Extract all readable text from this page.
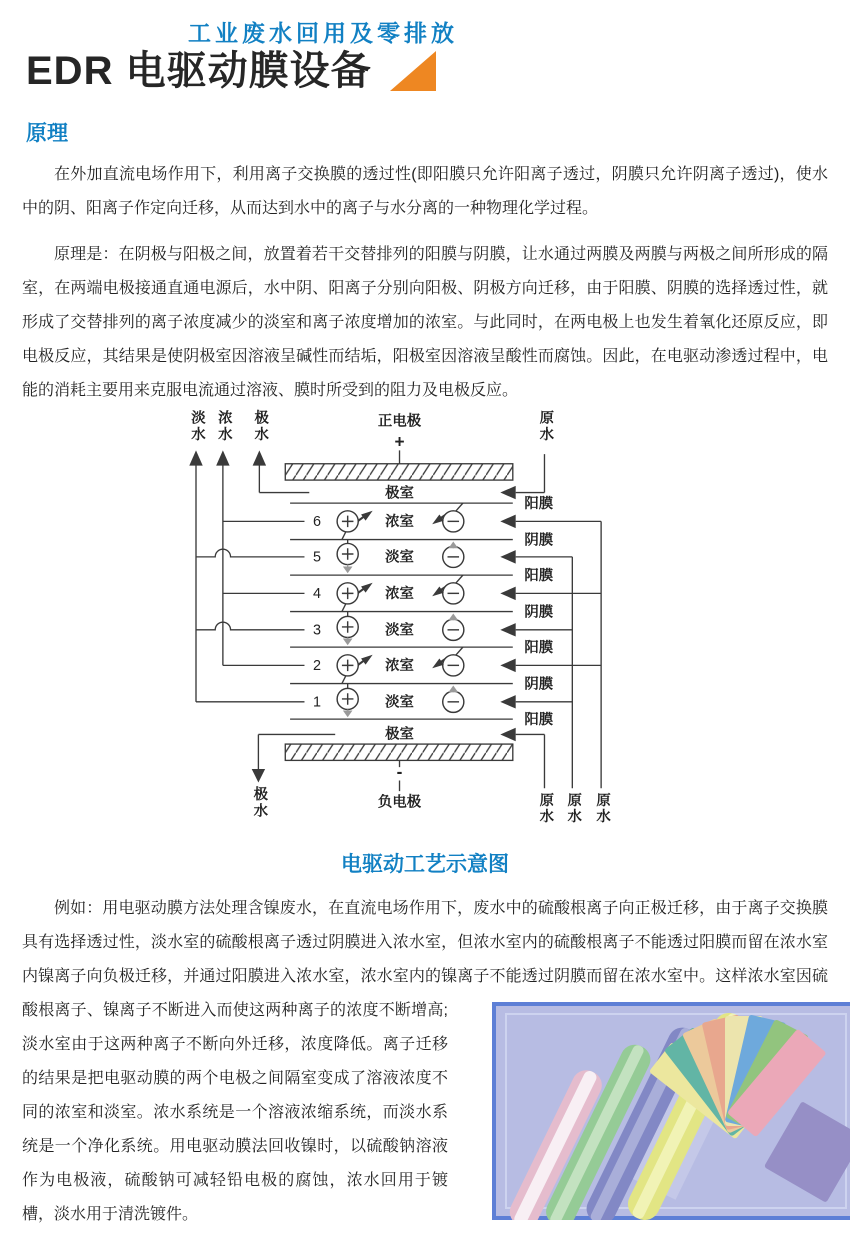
工业废水回用及零排放
EDR 电驱动膜设备
原理

在外加直流电场作用下，利用离子交换膜的透过性(即阳膜只允许阳离子透过，阴膜只允许阴离子透过)，使水中的阴、阳离子作定向迁移，从而达到水中的离子与水分离的一种物理化学过程。

原理是：在阴极与阳极之间，放置着若干交替排列的阳膜与阴膜，让水通过两膜及两膜与两极之间所形成的隔室，在两端电极接通直通电源后，水中阴、阳离子分别向阳极、阴极方向迁移，由于阳膜、阴膜的选择透过性，就形成了交替排列的离子浓度减少的淡室和离子浓度增加的浓室。与此同时，在两电极上也发生着氧化还原反应，即电极反应，其结果是使阴极室因溶液呈碱性而结垢，阳极室因溶液呈酸性而腐蚀。因此，在电驱动渗透过程中，电能的消耗主要用来克服电流通过溶液、膜时所受到的阻力及电极反应。

正电极
+
极室
阳膜
阴膜
阳膜
阴膜
阳膜
阴膜
阳膜
6
5
4
3
2
1
浓室
淡室
浓室
淡室
浓室
淡室
极室
-
负电极
淡水 浓水 极水	原水
极水	原水 原水 原水
电驱动工艺示意图

例如：用电驱动膜方法处理含镍废水，在直流电场作用下，废水中的硫酸根离子向正极迁移，由于离子交换膜具有选择透过性，淡水室的硫酸根离子透过阴膜进入浓水室，但浓水室内的硫酸根离子不能透过阳膜而留在浓水室内镍离子向负极迁移，并通过阳膜进入浓水室，浓水室内的镍离子不能透过阴膜而留在浓水室中。这样浓水室因硫
酸根离子、镍离子不断进入而使这两种离子的浓度不断增高;淡水室由于这两种离子不断向外迁移，浓度降低。离子迁移的结果是把电驱动膜的两个电极之间隔室变成了溶液浓度不同的浓室和淡室。浓水系统是一个溶液浓缩系统，而淡水系统是一个净化系统。用电驱动膜法回收镍时，以硫酸钠溶液作为电极液，硫酸钠可减轻铅电极的腐蚀，浓水回用于镀槽，淡水用于清洗镀件。
